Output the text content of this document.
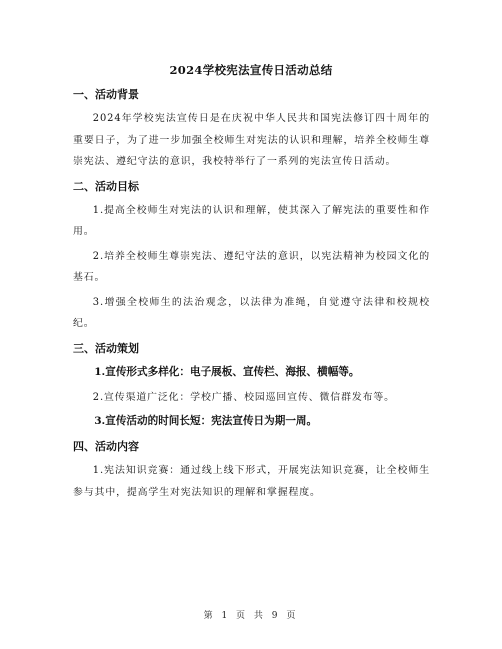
2024学校宪法宣传日活动总结
一、活动背景
2024年学校宪法宣传日是在庆祝中华人民共和国宪法修订四十周年的重要日子，为了进一步加强全校师生对宪法的认识和理解，培养全校师生尊崇宪法、遵纪守法的意识，我校特举行了一系列的宪法宣传日活动。
二、活动目标
1.提高全校师生对宪法的认识和理解，使其深入了解宪法的重要性和作用。
2.培养全校师生尊崇宪法、遵纪守法的意识，以宪法精神为校园文化的基石。
3.增强全校师生的法治观念，以法律为准绳，自觉遵守法律和校规校纪。
三、活动策划
1.宣传形式多样化：电子展板、宣传栏、海报、横幅等。
2.宣传渠道广泛化：学校广播、校园巡回宣传、微信群发布等。
3.宣传活动的时间长短：宪法宣传日为期一周。
四、活动内容
1.宪法知识竞赛：通过线上线下形式，开展宪法知识竞赛，让全校师生参与其中，提高学生对宪法知识的理解和掌握程度。
第 1 页 共 9 页
